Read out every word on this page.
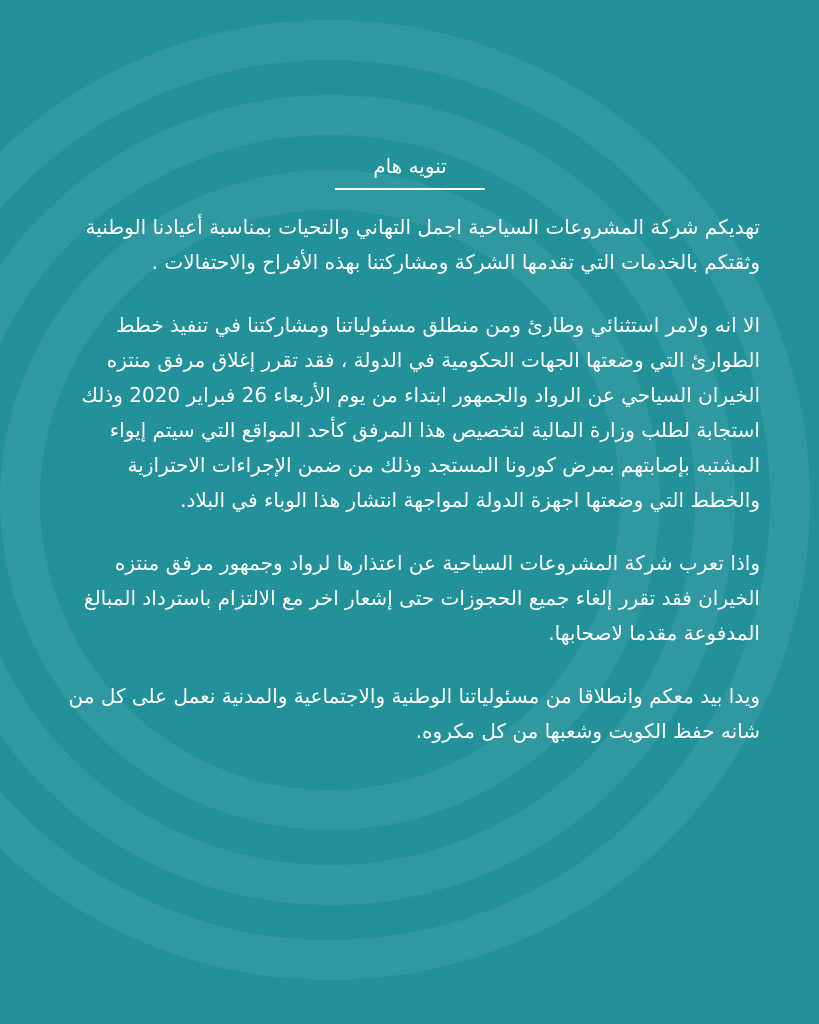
تنويه هام

تهديكم شركة المشروعات السياحية اجمل التهاني والتحيات بمناسبة أعيادنا الوطنية وثقتكم بالخدمات التي تقدمها الشركة ومشاركتنا بهذه الأفراح والاحتفالات .

الا انه ولامر استثنائي وطارئ ومن منطلق مسئولياتنا ومشاركتنا في تنفيذ خطط الطوارئ التي وضعتها الجهات الحكومية في الدولة ، فقد تقرر إغلاق مرفق منتزه الخيران السياحي عن الرواد والجمهور ابتداء من يوم الأربعاء 26 فبراير 2020 وذلك استجابة لطلب وزارة المالية لتخصيص هذا المرفق كأحد المواقع التي سيتم إيواء المشتبه بإصابتهم بمرض كورونا المستجد وذلك من ضمن الإجراءات الاحترازية والخطط التي وضعتها اجهزة الدولة لمواجهة انتشار هذا الوباء في البلاد.

واذا تعرب شركة المشروعات السياحية عن اعتذارها لرواد وجمهور مرفق منتزه الخيران فقد تقرر إلغاء جميع الحجوزات حتى إشعار اخر مع الالتزام باسترداد المبالغ المدفوعة مقدما لاصحابها.

ويدا بيد معكم وانطلاقا من مسئولياتنا الوطنية والاجتماعية والمدنية نعمل على كل من شانه حفظ الكويت وشعبها من كل مكروه.
